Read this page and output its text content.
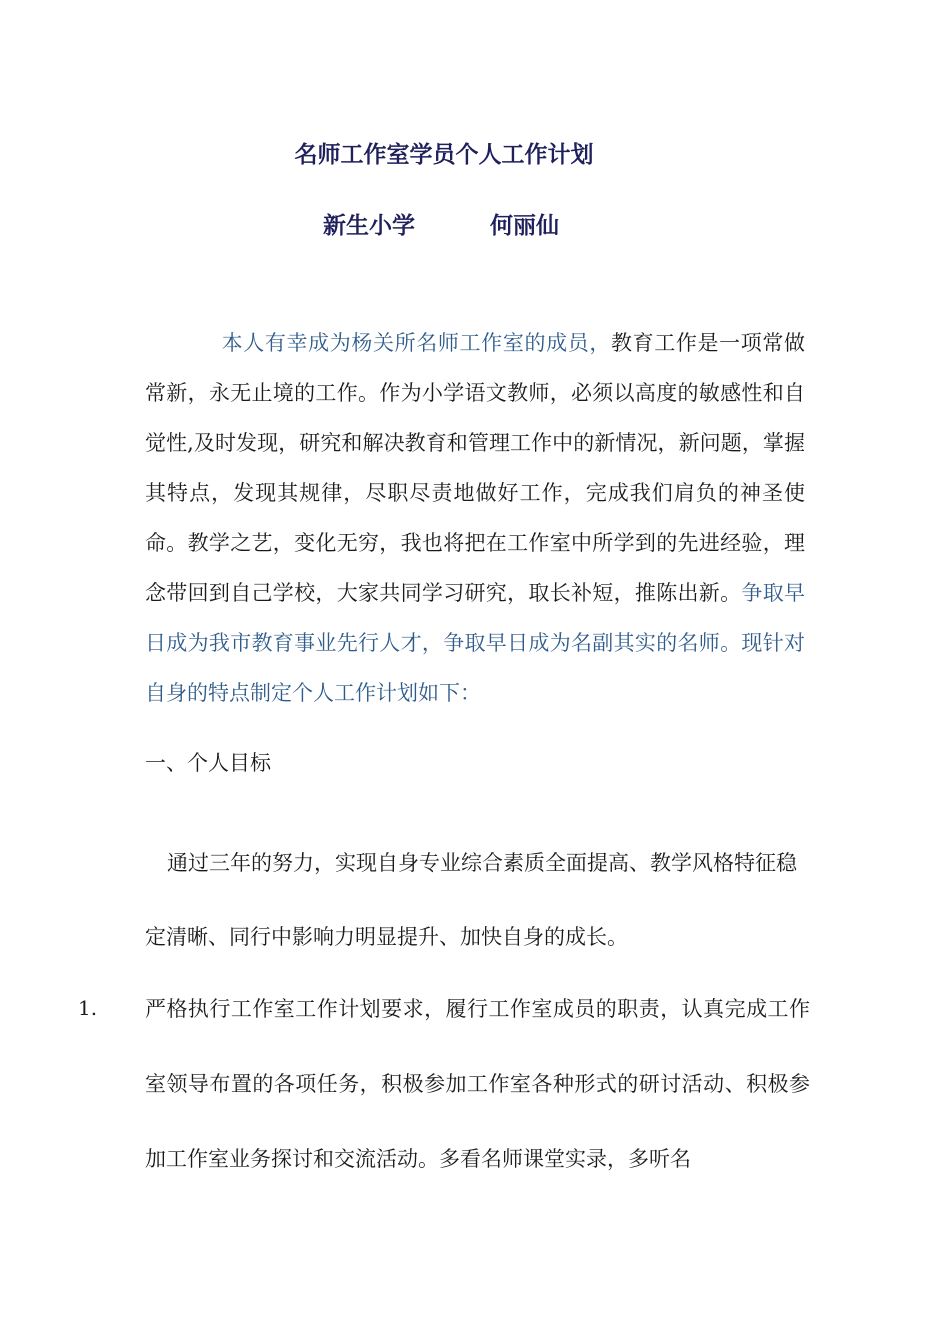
名师工作室学员个人工作计划
新生小学	何丽仙
本人有幸成为杨关所名师工作室的成员，教育工作是一项常做常新，永无止境的工作。作为小学语文教师，必须以高度的敏感性和自觉性,及时发现，研究和解决教育和管理工作中的新情况，新问题，掌握其特点，发现其规律，尽职尽责地做好工作，完成我们肩负的神圣使命。教学之艺，变化无穷，我也将把在工作室中所学到的先进经验，理念带回到自己学校，大家共同学习研究，取长补短，推陈出新。争取早日成为我市教育事业先行人才，争取早日成为名副其实的名师。现针对自身的特点制定个人工作计划如下：
一、个人目标
通过三年的努力，实现自身专业综合素质全面提高、教学风格特征稳定清晰、同行中影响力明显提升、加快自身的成长。
1. 严格执行工作室工作计划要求，履行工作室成员的职责，认真完成工作室领导布置的各项任务，积极参加工作室各种形式的研讨活动、积极参加工作室业务探讨和交流活动。多看名师课堂实录，多听名
